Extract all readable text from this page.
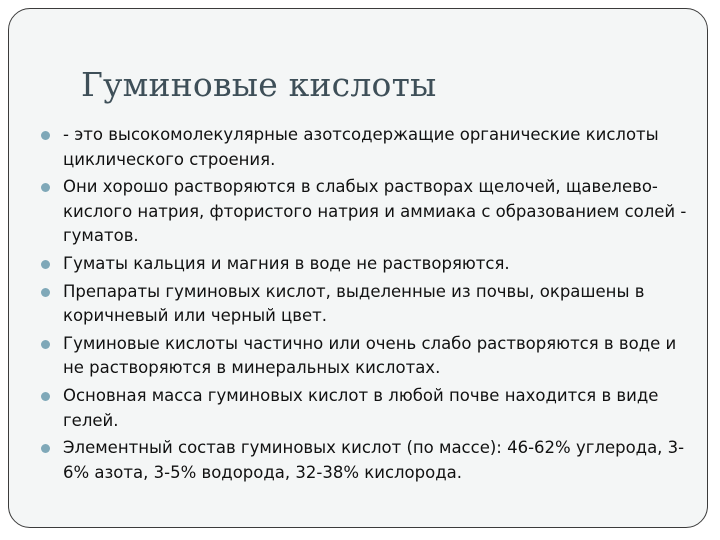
Гуминовые кислоты
- это высокомолекулярные азотсодержащие органические кислоты циклического строения.
Они хорошо растворяются в слабых растворах щелочей, щавелево-кислого натрия, фтористого натрия и аммиака с образованием солей - гуматов.
Гуматы кальция и магния в воде не растворяются.
Препараты гуминовых кислот, выделенные из почвы, окрашены в коричневый или черный цвет.
Гуминовые кислоты частично или очень слабо растворяются в воде и не растворяются в минеральных кислотах.
Основная масса гуминовых кислот в любой почве находится в виде гелей.
Элементный состав гуминовых кислот (по массе): 46-62% углерода, 3-6% азота, 3-5% водорода, 32-38% кислорода.
